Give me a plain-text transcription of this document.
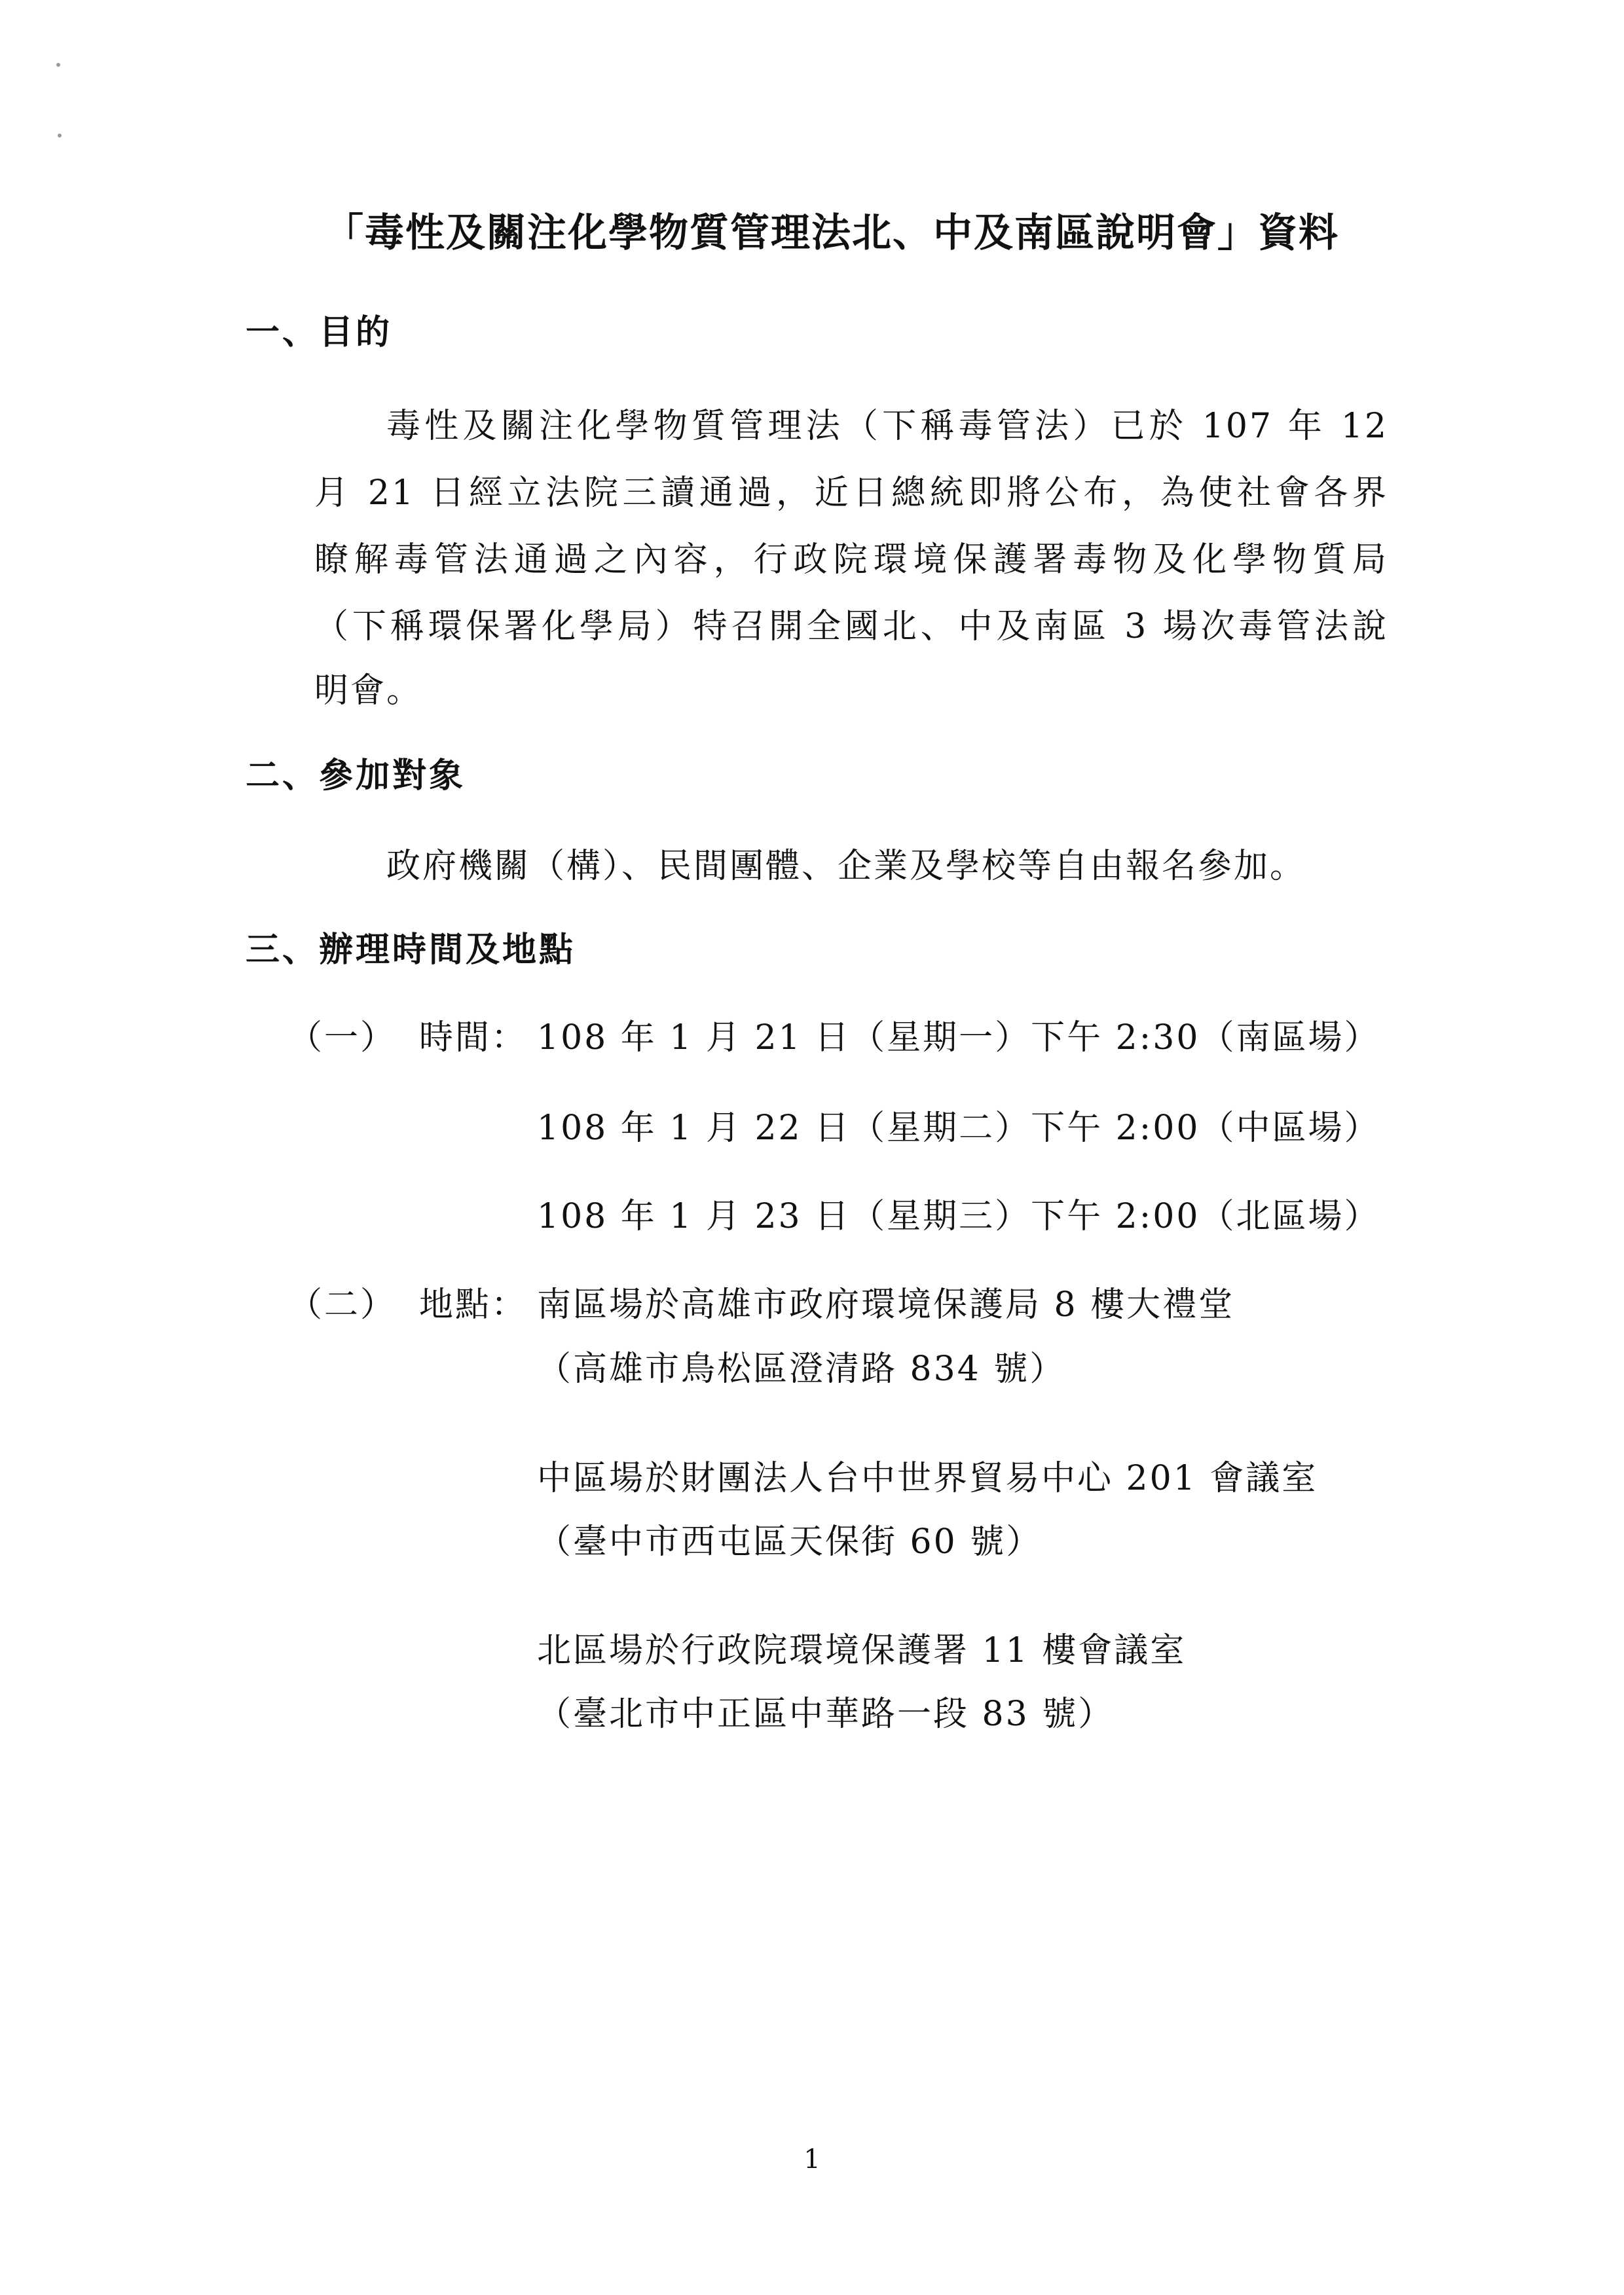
「毒性及關注化學物質管理法北、中及南區說明會」資料
一、目的
毒性及關注化學物質管理法（下稱毒管法）已於 107 年 12
月 21 日經立法院三讀通過，近日總統即將公布，為使社會各界
瞭解毒管法通過之內容，行政院環境保護署毒物及化學物質局
（下稱環保署化學局）特召開全國北、中及南區 3 場次毒管法說
明會。
二、參加對象
政府機關（構）、民間團體、企業及學校等自由報名參加。
三、辦理時間及地點
（一） 時間： 108 年 1 月 21 日（星期一）下午 2:30（南區場）
108 年 1 月 22 日（星期二）下午 2:00（中區場）
108 年 1 月 23 日（星期三）下午 2:00（北區場）
（二） 地點： 南區場於高雄市政府環境保護局 8 樓大禮堂
（高雄市鳥松區澄清路 834 號）
中區場於財團法人台中世界貿易中心 201 會議室
（臺中市西屯區天保街 60 號）
北區場於行政院環境保護署 11 樓會議室
（臺北市中正區中華路一段 83 號）
1
